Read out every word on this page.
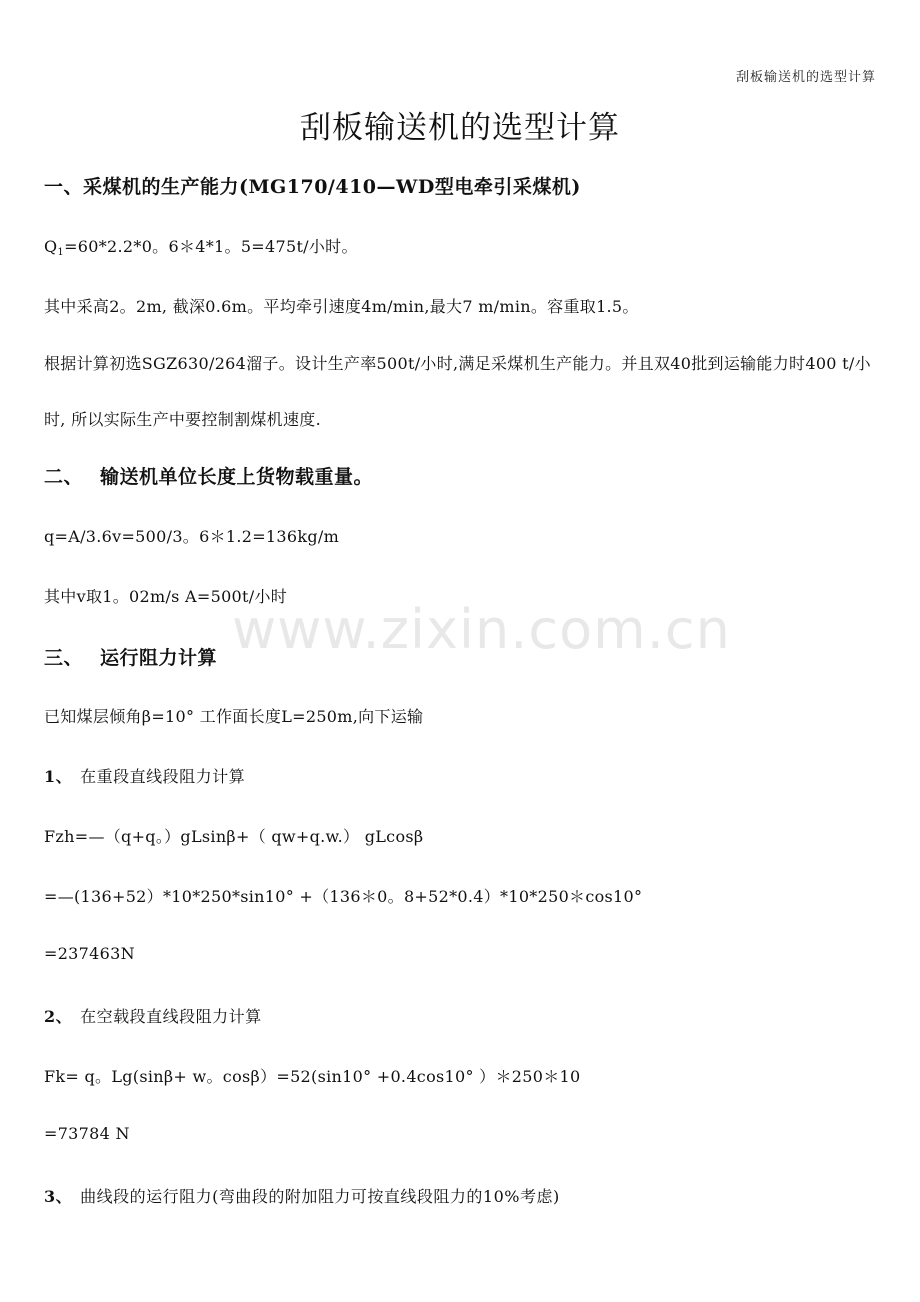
刮板输送机的选型计算
刮板输送机的选型计算
一、采煤机的生产能力(MG170/410—WD型电牵引采煤机)
$Q_1=60*2.2*0$。6＊4*1。5=475t/小时。
其中采高2。2m, 截深0.6m。平均牵引速度4m/min,最大7 m/min。容重取1.5。
根据计算初选SGZ630/264溜子。设计生产率500t/小时,满足采煤机生产能力。并且双40批到运输能力时400 t/小时, 所以实际生产中要控制割煤机速度.
二、 输送机单位长度上货物载重量。
q=A/3.6v=500/3。6＊1.2=136kg/m
其中v取1。02m/s A=500t/小时
三、 运行阻力计算
已知煤层倾角β=10° 工作面长度L=250m,向下运输
1、 在重段直线段阻力计算
Fzh=—（q+q。）gLsinβ+（ qw+q.w.） gLcosβ
=—(136+52）*10*250*sin10° +（136＊0。8+52*0.4）*10*250＊cos10°
=237463N
2、 在空载段直线段阻力计算
Fk= q。Lg(sinβ+ w。cosβ）=52(sin10° +0.4cos10° ）＊250＊10
=73784 N
3、 曲线段的运行阻力(弯曲段的附加阻力可按直线段阻力的10%考虑)
www.zixin.com.cn
